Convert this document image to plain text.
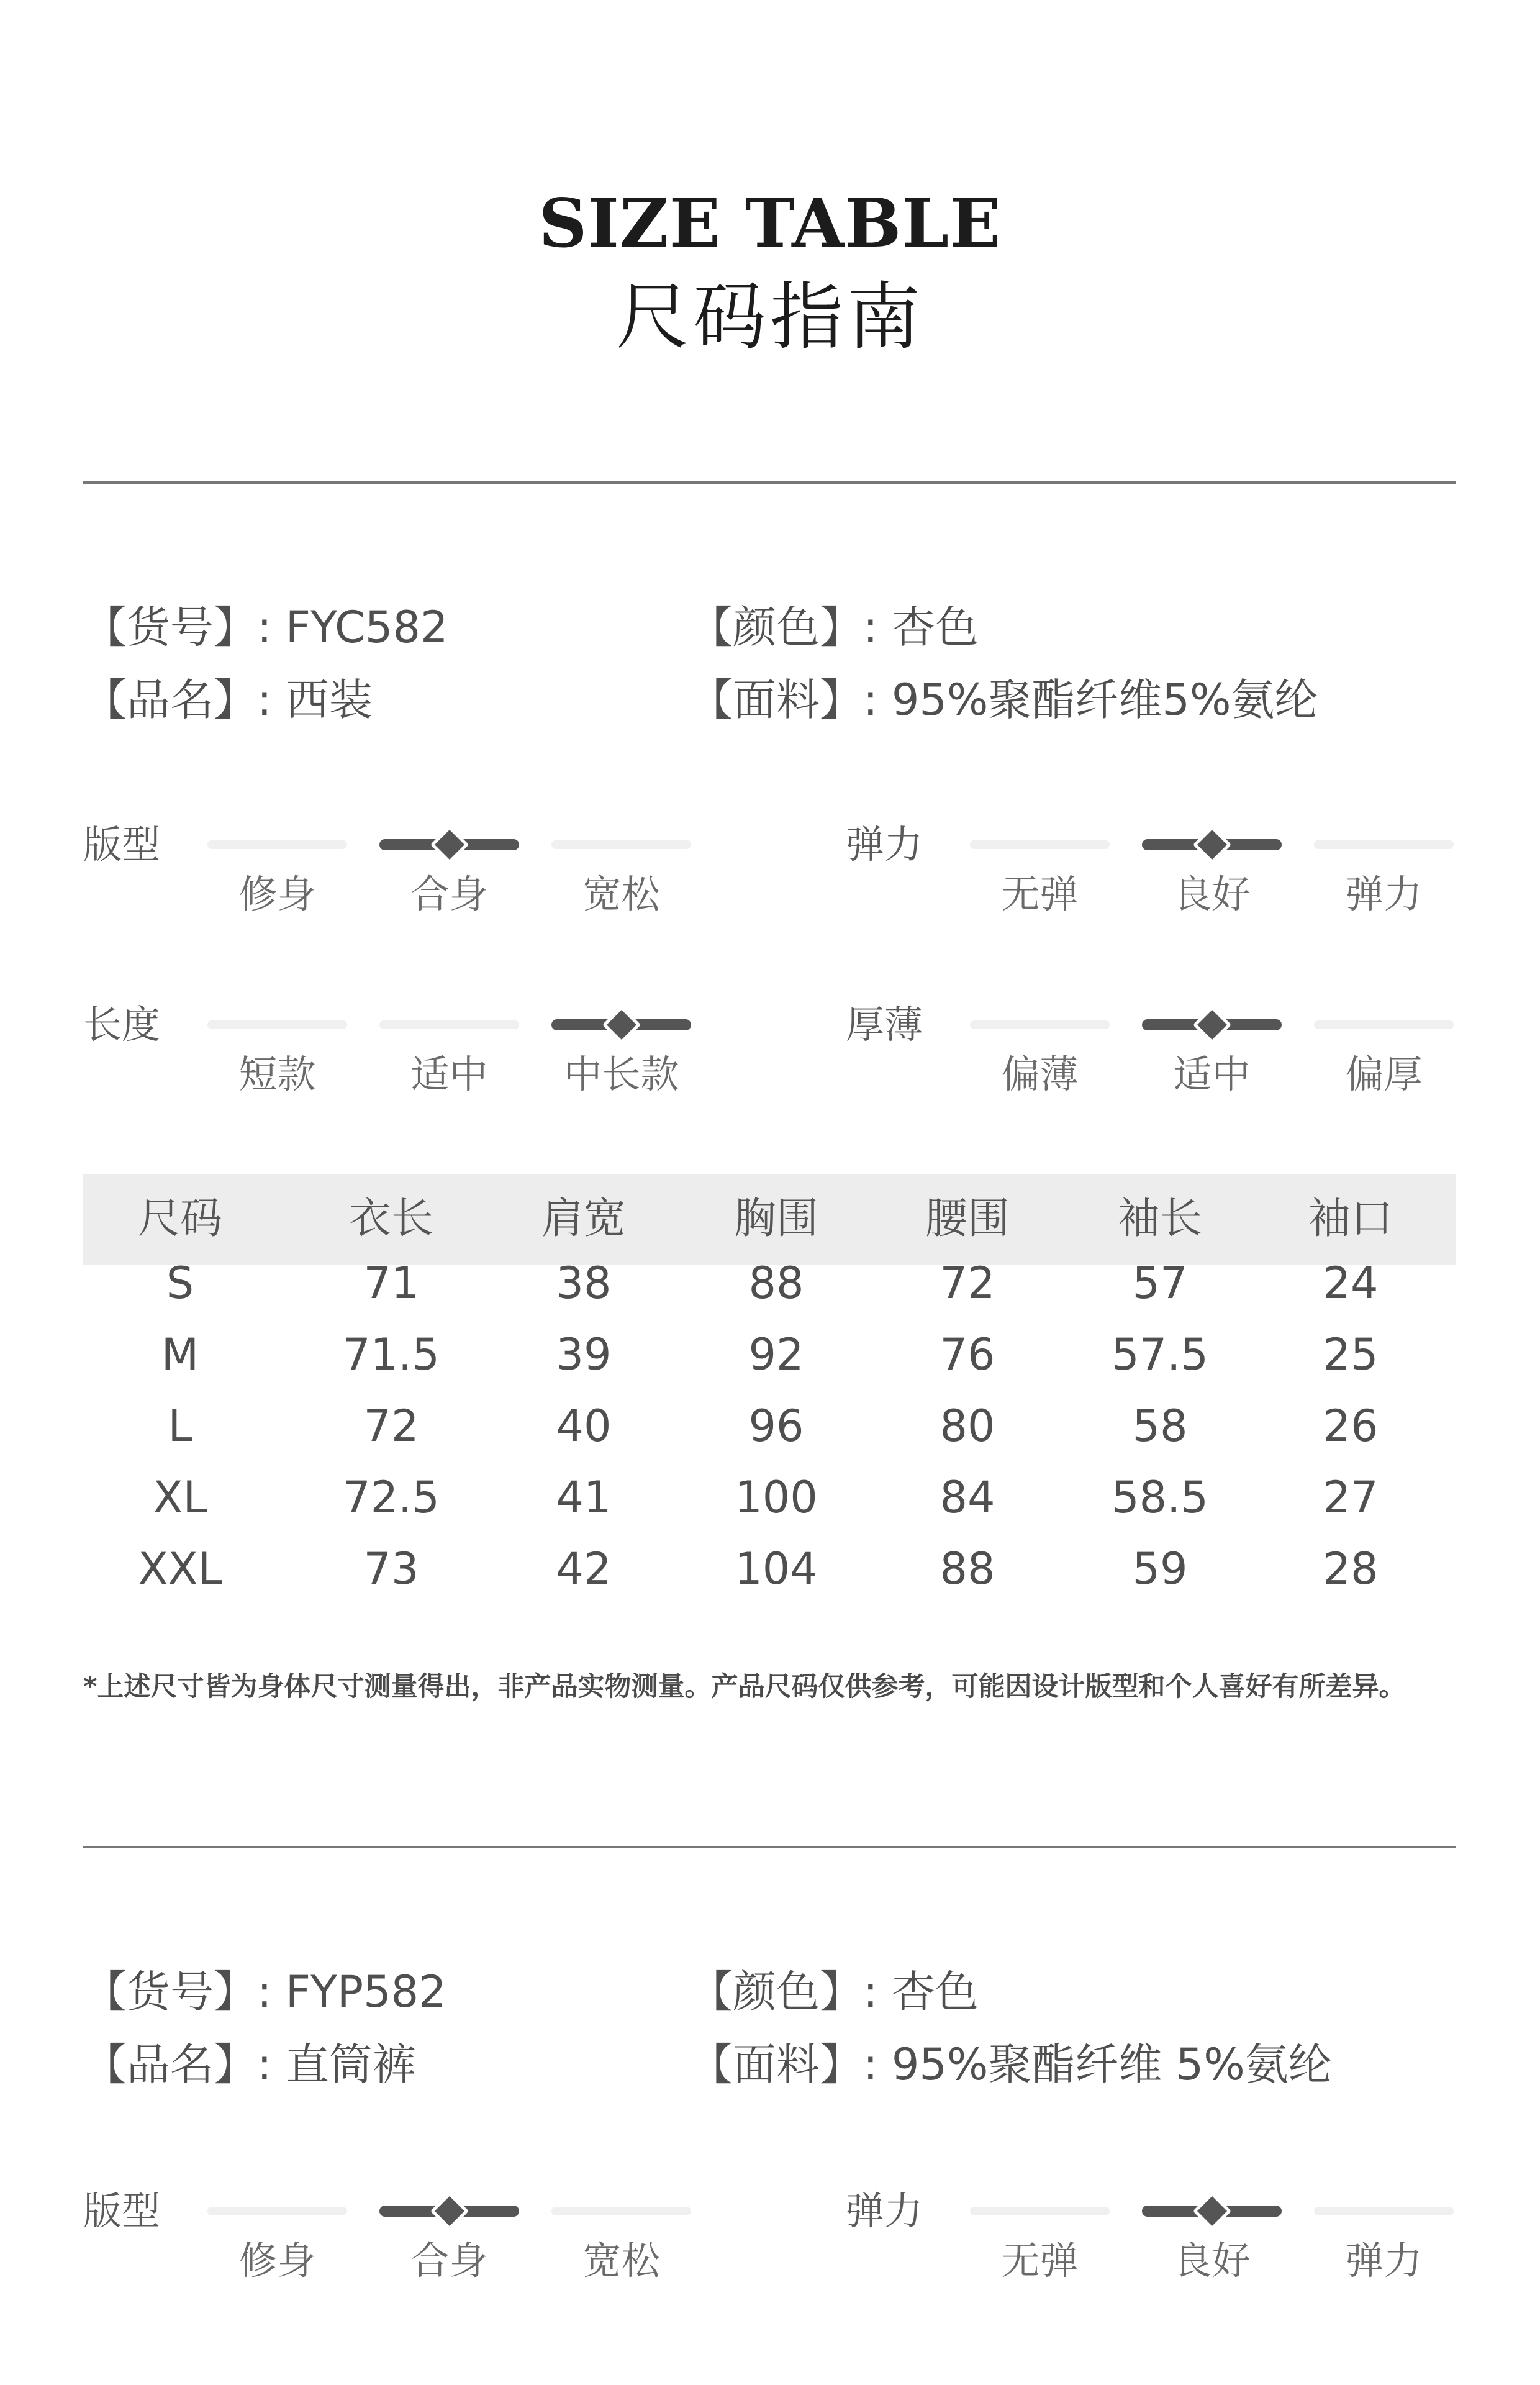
SIZE TABLE
尺码指南
【货号】: FYC582	【颜色】: 杏色
【品名】: 西装	【面料】: 95%聚酯纤维5%氨纶
版型
修身	合身	宽松
弹力
无弹	良好	弹力
长度
短款	适中	中长款
厚薄
偏薄	适中	偏厚
尺码	衣长	肩宽	胸围	腰围	袖长	袖口
S	71	38	88	72	57	24
M	71.5	39	92	76	57.5	25
L	72	40	96	80	58	26
XL	72.5	41	100	84	58.5	27
XXL	73	42	104	88	59	28
*上述尺寸皆为身体尺寸测量得出，非产品实物测量。产品尺码仅供参考，可能因设计版型和个人喜好有所差异。
【货号】: FYP582	【颜色】: 杏色
【品名】: 直筒裤	【面料】: 95%聚酯纤维 5%氨纶
版型
修身	合身	宽松
弹力
无弹	良好	弹力
